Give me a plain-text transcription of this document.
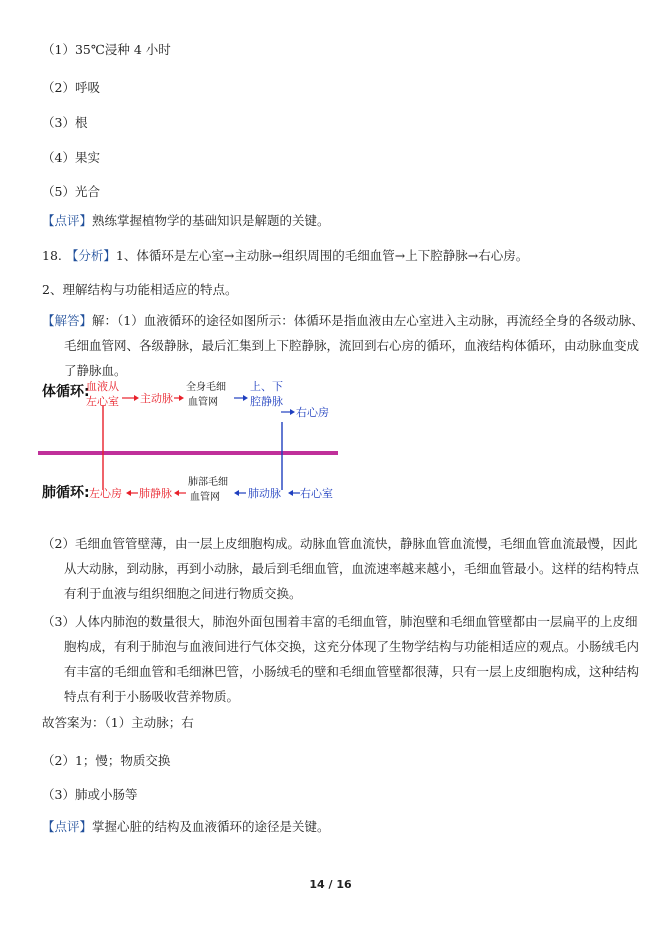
（1）35℃浸种 4 小时
（2）呼吸
（3）根
（4）果实
（5）光合
【点评】熟练掌握植物学的基础知识是解题的关键。
18. 【分析】1、体循环是左心室→主动脉→组织周围的毛细血管→上下腔静脉→右心房。
2、理解结构与功能相适应的特点。
【解答】解：（1）血液循环的途径如图所示：体循环是指血液由左心室进入主动脉，再流经全身的各级动脉、毛细血管网、各级静脉，最后汇集到上下腔静脉，流回到右心房的循环，血液结构体循环，由动脉血变成了静脉血。
体循环:
血液从
左心室 主动脉
全身毛细
血管网
上、下
腔静脉
右心房
肺循环: 左心房 肺静脉
肺部毛细
血管网	肺动脉 右心室
（2）毛细血管管壁薄，由一层上皮细胞构成。动脉血管血流快，静脉血管血流慢，毛细血管血流最慢，因此从大动脉，到动脉，再到小动脉，最后到毛细血管，血流速率越来越小，毛细血管最小。这样的结构特点有利于血液与组织细胞之间进行物质交换。
（3）人体内肺泡的数量很大，肺泡外面包围着丰富的毛细血管，肺泡壁和毛细血管壁都由一层扁平的上皮细胞构成，有利于肺泡与血液间进行气体交换，这充分体现了生物学结构与功能相适应的观点。小肠绒毛内有丰富的毛细血管和毛细淋巴管，小肠绒毛的壁和毛细血管壁都很薄，只有一层上皮细胞构成，这种结构特点有利于小肠吸收营养物质。
故答案为：（1）主动脉；右
（2）1；慢；物质交换
（3）肺或小肠等
【点评】掌握心脏的结构及血液循环的途径是关键。
14 / 16
